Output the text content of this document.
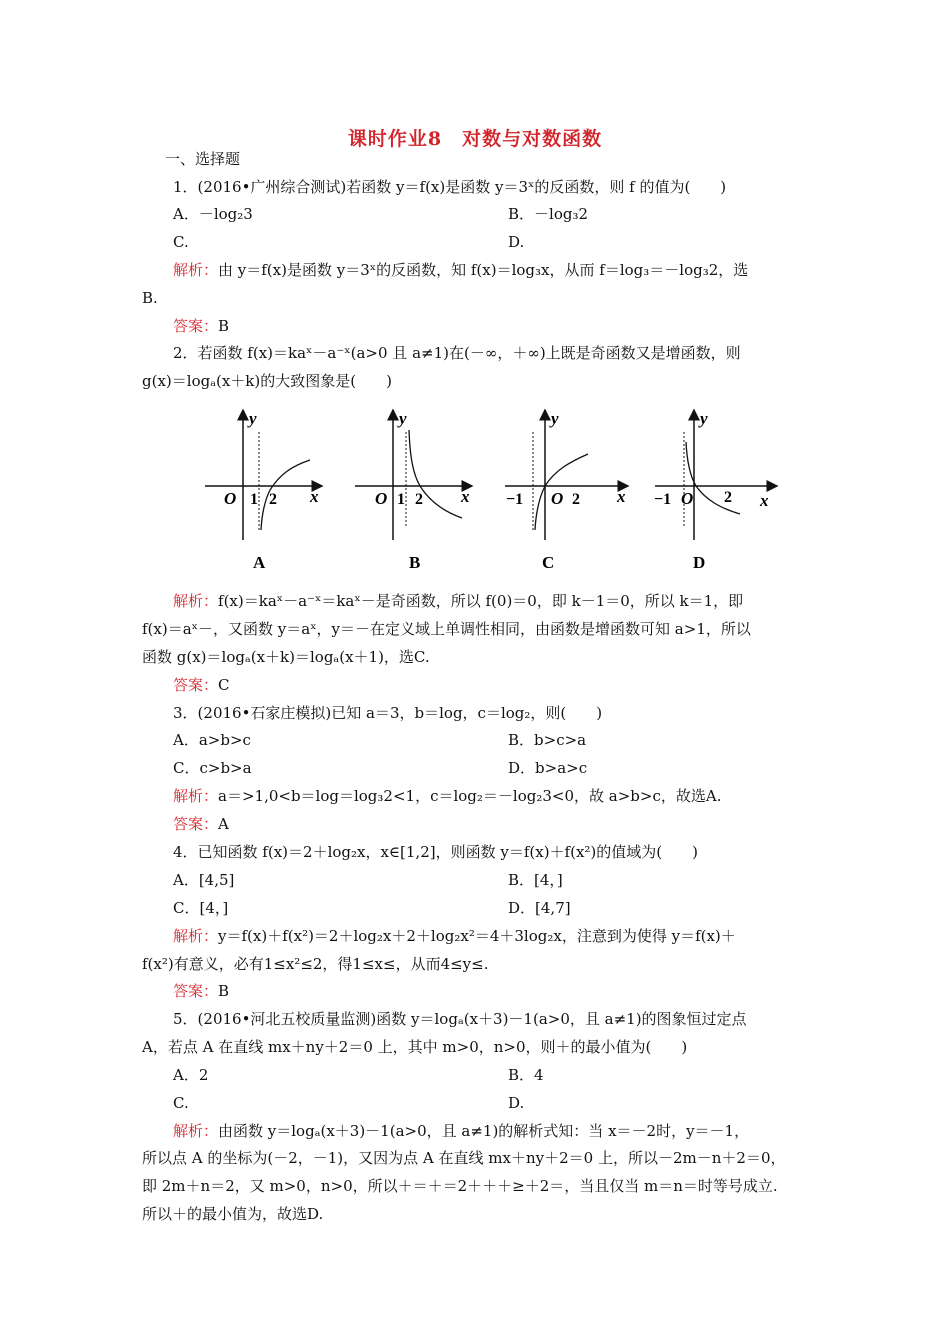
课时作业8　对数与对数函数
一、选择题
1．(2016•广州综合测试)若函数 y＝f(x)是函数 y＝3ˣ的反函数，则 f 的值为(　　)
A．－log₂3	B．－log₃2
C.	D.
解析：由 y＝f(x)是函数 y＝3ˣ的反函数，知 f(x)＝log₃x，从而 f＝log₃＝－log₃2，选
B.
答案：B
2．若函数 f(x)＝kaˣ－a⁻ˣ(a>0 且 a≠1)在(－∞，＋∞)上既是奇函数又是增函数，则
g(x)＝logₐ(x＋k)的大致图象是(　　)
y
O 1 2 x
A
y
O 1 2 x
B
y
−1 O 2 x
C
y
−1 O 2 x
D
解析：f(x)＝kaˣ－a⁻ˣ＝kaˣ－是奇函数，所以 f(0)＝0，即 k－1＝0，所以 k＝1，即
f(x)＝aˣ－，又函数 y＝aˣ，y＝－在定义域上单调性相同，由函数是增函数可知 a>1，所以
函数 g(x)＝logₐ(x＋k)＝logₐ(x＋1)，选C.
答案：C
3．(2016•石家庄模拟)已知 a＝3，b＝log，c＝log₂，则(　　)
A．a>b>c	B．b>c>a
C．c>b>a	D．b>a>c
解析：a＝>1,0<b＝log＝log₃2<1，c＝log₂＝－log₂3<0，故 a>b>c，故选A.
答案：A
4．已知函数 f(x)＝2＋log₂x，x∈[1,2]，则函数 y＝f(x)＋f(x²)的值域为(　　)
A．[4,5]	B．[4，]
C．[4，]	D．[4,7]
解析：y＝f(x)＋f(x²)＝2＋log₂x＋2＋log₂x²＝4＋3log₂x，注意到为使得 y＝f(x)＋
f(x²)有意义，必有1≤x²≤2，得1≤x≤，从而4≤y≤.
答案：B
5．(2016•河北五校质量监测)函数 y＝logₐ(x＋3)－1(a>0，且 a≠1)的图象恒过定点
A，若点 A 在直线 mx＋ny＋2＝0 上，其中 m>0，n>0，则＋的最小值为(　　)
A．2	B．4
C.	D.
解析：由函数 y＝logₐ(x＋3)－1(a>0，且 a≠1)的解析式知：当 x＝－2时，y＝－1，
所以点 A 的坐标为(－2，－1)，又因为点 A 在直线 mx＋ny＋2＝0 上，所以－2m－n＋2＝0，
即 2m＋n＝2，又 m>0，n>0，所以＋＝＋＝2＋＋＋≥＋2＝，当且仅当 m＝n＝时等号成立.
所以＋的最小值为，故选D.
